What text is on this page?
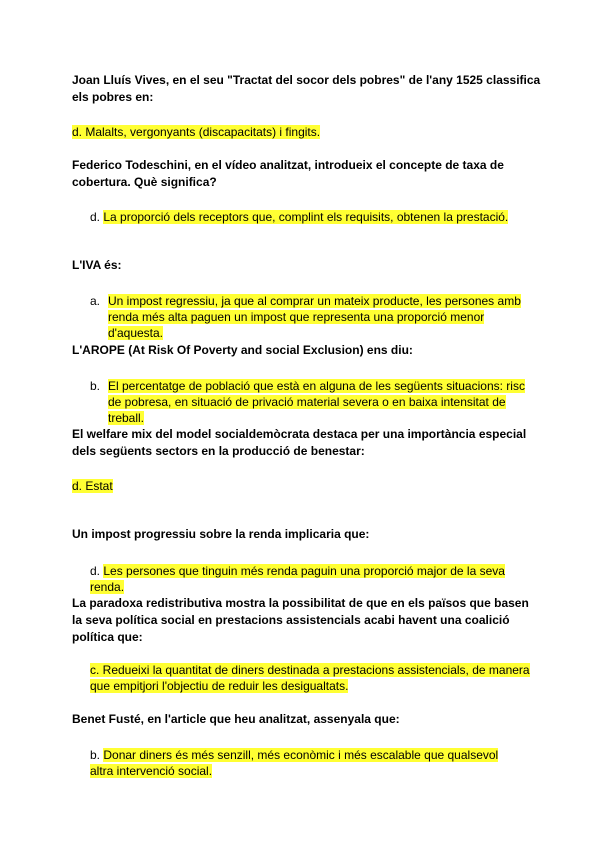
Joan Lluís Vives, en el seu "Tractat del socor dels pobres" de l'any 1525 classifica els pobres en:
d. Malalts, vergonyants (discapacitats) i fingits.
Federico Todeschini, en el vídeo analitzat, introdueix el concepte de taxa de cobertura. Què significa?
d. La proporció dels receptors que, complint els requisits, obtenen la prestació.
L'IVA és:
a. Un impost regressiu, ja que al comprar un mateix producte, les persones amb renda més alta paguen un impost que representa una proporció menor d'aquesta.
L'AROPE (At Risk Of Poverty and social Exclusion) ens diu:
b. El percentatge de població que està en alguna de les següents situacions: risc de pobresa, en situació de privació material severa o en baixa intensitat de treball.
El welfare mix del model socialdemòcrata destaca per una importància especial dels següents sectors en la producció de benestar:
d. Estat
Un impost progressiu sobre la renda implicaria que:
d. Les persones que tinguin més renda paguin una proporció major de la seva renda.
La paradoxa redistributiva mostra la possibilitat de que en els països que basen la seva política social en prestacions assistencials acabi havent una coalició política que:
c. Redueixi la quantitat de diners destinada a prestacions assistencials, de manera que empitjori l'objectiu de reduir les desigualtats.
Benet Fusté, en l'article que heu analitzat, assenyala que:
b. Donar diners és més senzill, més econòmic i més escalable que qualsevol altra intervenció social.
